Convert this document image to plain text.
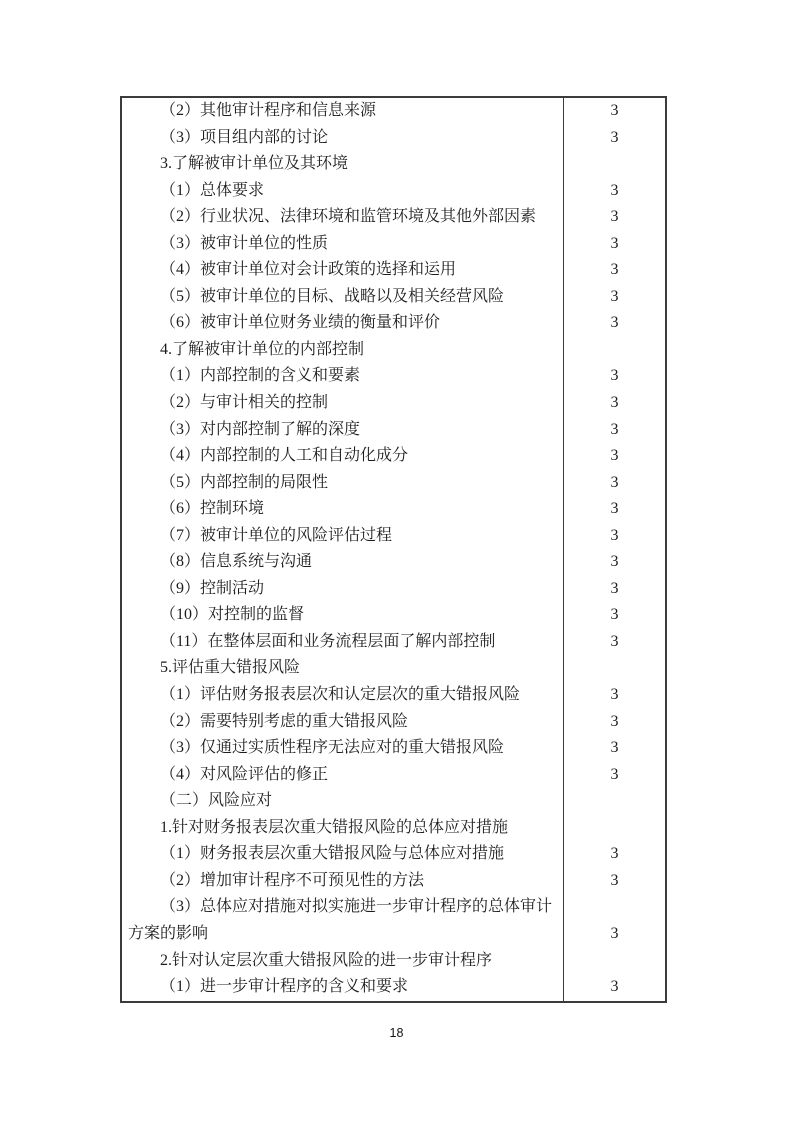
（2）其他审计程序和信息来源	3
（3）项目组内部的讨论	3
3.了解被审计单位及其环境
（1）总体要求	3
（2）行业状况、法律环境和监管环境及其他外部因素	3
（3）被审计单位的性质	3
（4）被审计单位对会计政策的选择和运用	3
（5）被审计单位的目标、战略以及相关经营风险	3
（6）被审计单位财务业绩的衡量和评价	3
4.了解被审计单位的内部控制
（1）内部控制的含义和要素	3
（2）与审计相关的控制	3
（3）对内部控制了解的深度	3
（4）内部控制的人工和自动化成分	3
（5）内部控制的局限性	3
（6）控制环境	3
（7）被审计单位的风险评估过程	3
（8）信息系统与沟通	3
（9）控制活动	3
（10）对控制的监督	3
（11）在整体层面和业务流程层面了解内部控制	3
5.评估重大错报风险
（1）评估财务报表层次和认定层次的重大错报风险	3
（2）需要特别考虑的重大错报风险	3
（3）仅通过实质性程序无法应对的重大错报风险	3
（4）对风险评估的修正	3
（二）风险应对
1.针对财务报表层次重大错报风险的总体应对措施
（1）财务报表层次重大错报风险与总体应对措施	3
（2）增加审计程序不可预见性的方法	3
（3）总体应对措施对拟实施进一步审计程序的总体审计
方案的影响	3
2.针对认定层次重大错报风险的进一步审计程序
（1）进一步审计程序的含义和要求	3
18
